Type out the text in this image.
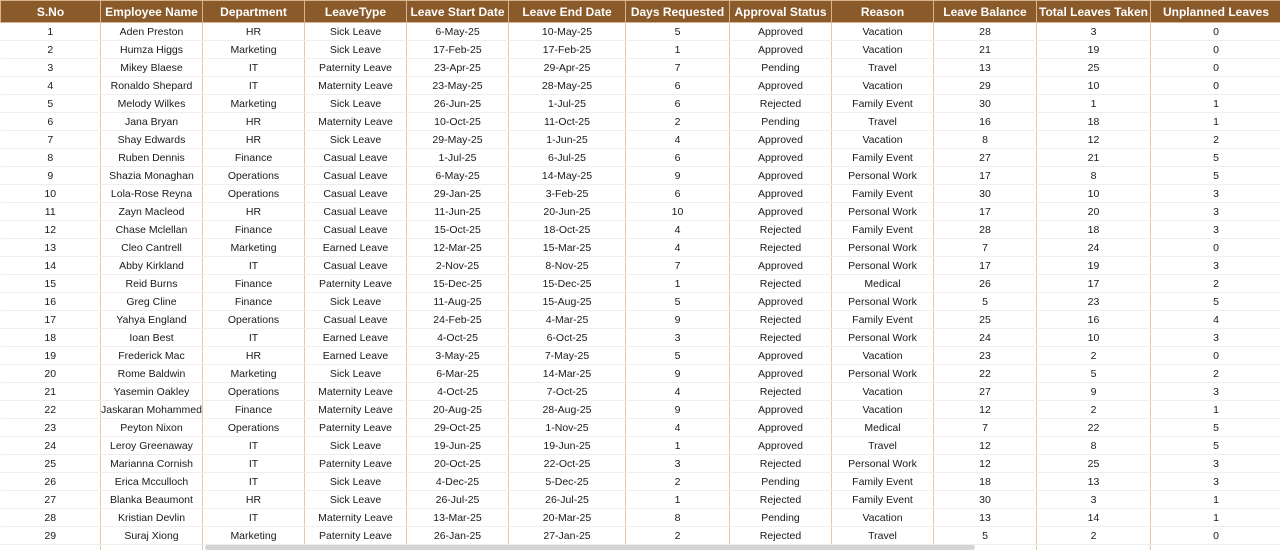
S.No	Employee Name	Department	LeaveType	Leave Start Date	Leave End Date	Days Requested	Approval Status	Reason	Leave Balance	Total Leaves Taken	Unplanned Leaves
1	Aden Preston	HR	Sick Leave	6-May-25	10-May-25	5	Approved	Vacation	28	3	0
2	Humza Higgs	Marketing	Sick Leave	17-Feb-25	17-Feb-25	1	Approved	Vacation	21	19	0
3	Mikey Blaese	IT	Paternity Leave	23-Apr-25	29-Apr-25	7	Pending	Travel	13	25	0
4	Ronaldo Shepard	IT	Maternity Leave	23-May-25	28-May-25	6	Approved	Vacation	29	10	0
5	Melody Wilkes	Marketing	Sick Leave	26-Jun-25	1-Jul-25	6	Rejected	Family Event	30	1	1
6	Jana Bryan	HR	Maternity Leave	10-Oct-25	11-Oct-25	2	Pending	Travel	16	18	1
7	Shay Edwards	HR	Sick Leave	29-May-25	1-Jun-25	4	Approved	Vacation	8	12	2
8	Ruben Dennis	Finance	Casual Leave	1-Jul-25	6-Jul-25	6	Approved	Family Event	27	21	5
9	Shazia Monaghan	Operations	Casual Leave	6-May-25	14-May-25	9	Approved	Personal Work	17	8	5
10	Lola-Rose Reyna	Operations	Casual Leave	29-Jan-25	3-Feb-25	6	Approved	Family Event	30	10	3
11	Zayn Macleod	HR	Casual Leave	11-Jun-25	20-Jun-25	10	Approved	Personal Work	17	20	3
12	Chase Mclellan	Finance	Casual Leave	15-Oct-25	18-Oct-25	4	Rejected	Family Event	28	18	3
13	Cleo Cantrell	Marketing	Earned Leave	12-Mar-25	15-Mar-25	4	Rejected	Personal Work	7	24	0
14	Abby Kirkland	IT	Casual Leave	2-Nov-25	8-Nov-25	7	Approved	Personal Work	17	19	3
15	Reid Burns	Finance	Paternity Leave	15-Dec-25	15-Dec-25	1	Rejected	Medical	26	17	2
16	Greg Cline	Finance	Sick Leave	11-Aug-25	15-Aug-25	5	Approved	Personal Work	5	23	5
17	Yahya England	Operations	Casual Leave	24-Feb-25	4-Mar-25	9	Rejected	Family Event	25	16	4
18	Ioan Best	IT	Earned Leave	4-Oct-25	6-Oct-25	3	Rejected	Personal Work	24	10	3
19	Frederick Mac	HR	Earned Leave	3-May-25	7-May-25	5	Approved	Vacation	23	2	0
20	Rome Baldwin	Marketing	Sick Leave	6-Mar-25	14-Mar-25	9	Approved	Personal Work	22	5	2
21	Yasemin Oakley	Operations	Maternity Leave	4-Oct-25	7-Oct-25	4	Rejected	Vacation	27	9	3
22	Jaskaran Mohammed	Finance	Maternity Leave	20-Aug-25	28-Aug-25	9	Approved	Vacation	12	2	1
23	Peyton Nixon	Operations	Paternity Leave	29-Oct-25	1-Nov-25	4	Approved	Medical	7	22	5
24	Leroy Greenaway	IT	Sick Leave	19-Jun-25	19-Jun-25	1	Approved	Travel	12	8	5
25	Marianna Cornish	IT	Paternity Leave	20-Oct-25	22-Oct-25	3	Rejected	Personal Work	12	25	3
26	Erica Mcculloch	IT	Sick Leave	4-Dec-25	5-Dec-25	2	Pending	Family Event	18	13	3
27	Blanka Beaumont	HR	Sick Leave	26-Jul-25	26-Jul-25	1	Rejected	Family Event	30	3	1
28	Kristian Devlin	IT	Maternity Leave	13-Mar-25	20-Mar-25	8	Pending	Vacation	13	14	1
29	Suraj Xiong	Marketing	Paternity Leave	26-Jan-25	27-Jan-25	2	Rejected	Travel	5	2	0
